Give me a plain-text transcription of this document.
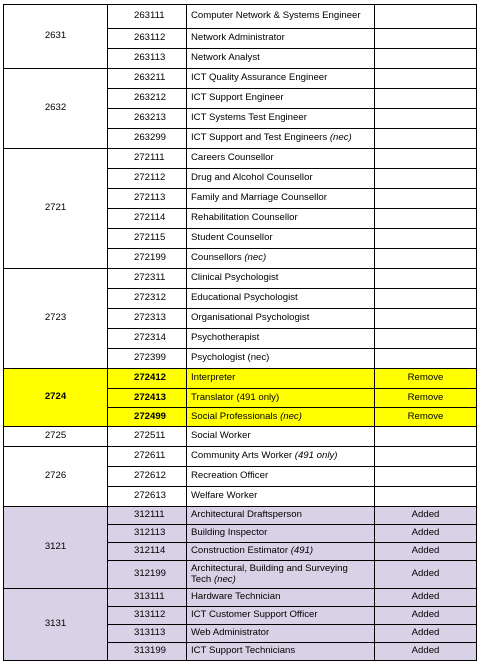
2631	263111	Computer Network & Systems Engineer	
	263112	Network Administrator	
	263113	Network Analyst	
2632	263211	ICT Quality Assurance Engineer	
	263212	ICT Support Engineer	
	263213	ICT Systems Test Engineer	
	263299	ICT Support and Test Engineers (nec)	
2721	272111	Careers Counsellor	
	272112	Drug and Alcohol Counsellor	
	272113	Family and Marriage Counsellor	
	272114	Rehabilitation Counsellor	
	272115	Student Counsellor	
	272199	Counsellors (nec)	
2723	272311	Clinical Psychologist	
	272312	Educational Psychologist	
	272313	Organisational Psychologist	
	272314	Psychotherapist	
	272399	Psychologist (nec)	
2724	272412	Interpreter	Remove
	272413	Translator (491 only)	Remove
	272499	Social Professionals (nec)	Remove
2725	272511	Social Worker	
2726	272611	Community Arts Worker (491 only)	
	272612	Recreation Officer	
	272613	Welfare Worker	
3121	312111	Architectural Draftsperson	Added
	312113	Building Inspector	Added
	312114	Construction Estimator (491)	Added
	312199	Architectural, Building and Surveying Tech (nec)	Added
3131	313111	Hardware Technician	Added
	313112	ICT Customer Support Officer	Added
	313113	Web Administrator	Added
	313199	ICT Support Technicians	Added
